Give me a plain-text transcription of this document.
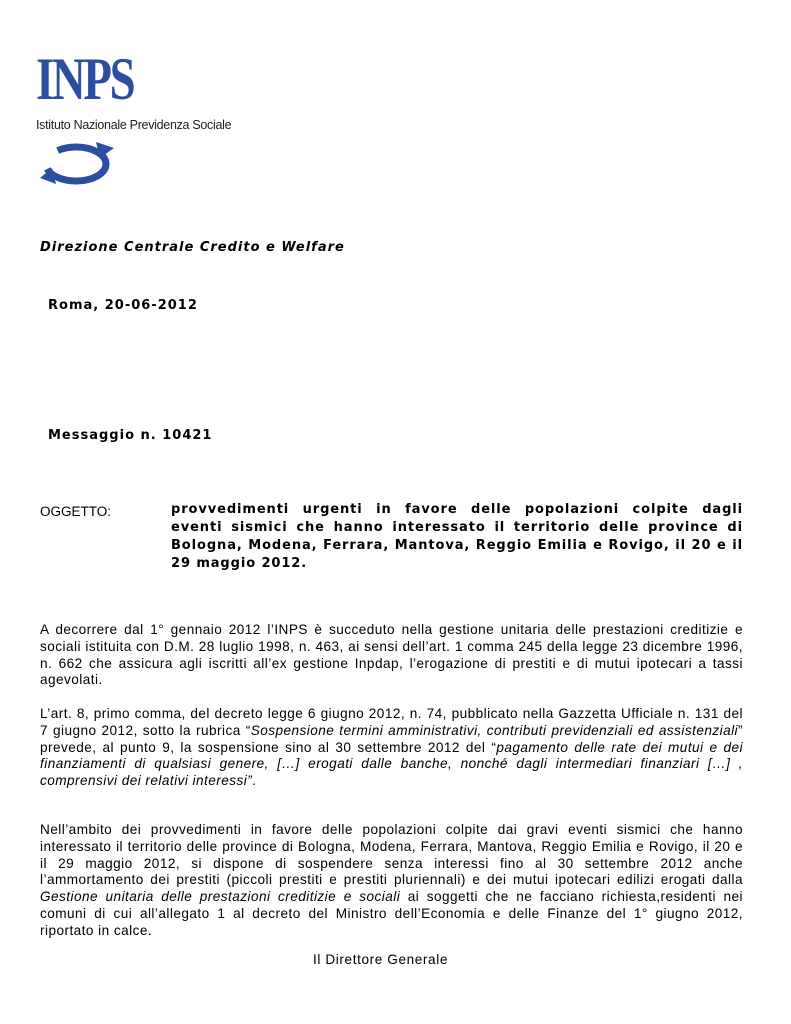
INPS
Istituto Nazionale Previdenza Sociale
Direzione Centrale Credito e Welfare
Roma, 20-06-2012
Messaggio n. 10421
OGGETTO:	provvedimenti urgenti in favore delle popolazioni colpite dagli eventi sismici che hanno interessato il territorio delle province di Bologna, Modena, Ferrara, Mantova, Reggio Emilia e Rovigo, il 20 e il 29 maggio 2012.
A decorrere dal 1° gennaio 2012 l’INPS è succeduto nella gestione unitaria delle prestazioni creditizie e sociali istituita con D.M. 28 luglio 1998, n. 463, ai sensi dell’art. 1 comma 245 della legge 23 dicembre 1996, n. 662 che assicura agli iscritti all’ex gestione Inpdap, l’erogazione di prestiti e di mutui ipotecari a tassi agevolati.
L’art. 8, primo comma, del decreto legge 6 giugno 2012, n. 74, pubblicato nella Gazzetta Ufficiale n. 131 del 7 giugno 2012, sotto la rubrica “Sospensione termini amministrativi, contributi previdenziali ed assistenziali” prevede, al punto 9, la sospensione sino al 30 settembre 2012 del “pagamento delle rate dei mutui e dei finanziamenti di qualsiasi genere, […] erogati dalle banche, nonché dagli intermediari finanziari […] , comprensivi dei relativi interessi”.
Nell’ambito dei provvedimenti in favore delle popolazioni colpite dai gravi eventi sismici che hanno interessato il territorio delle province di Bologna, Modena, Ferrara, Mantova, Reggio Emilia e Rovigo, il 20 e il 29 maggio 2012, si dispone di sospendere senza interessi fino al 30 settembre 2012 anche l’ammortamento dei prestiti (piccoli prestiti e prestiti pluriennali) e dei mutui ipotecari edilizi erogati dalla Gestione unitaria delle prestazioni creditizie e sociali ai soggetti che ne facciano richiesta,residenti nei comuni di cui all’allegato 1 al decreto del Ministro dell’Economia e delle Finanze del 1° giugno 2012, riportato in calce.
Il Direttore Generale
